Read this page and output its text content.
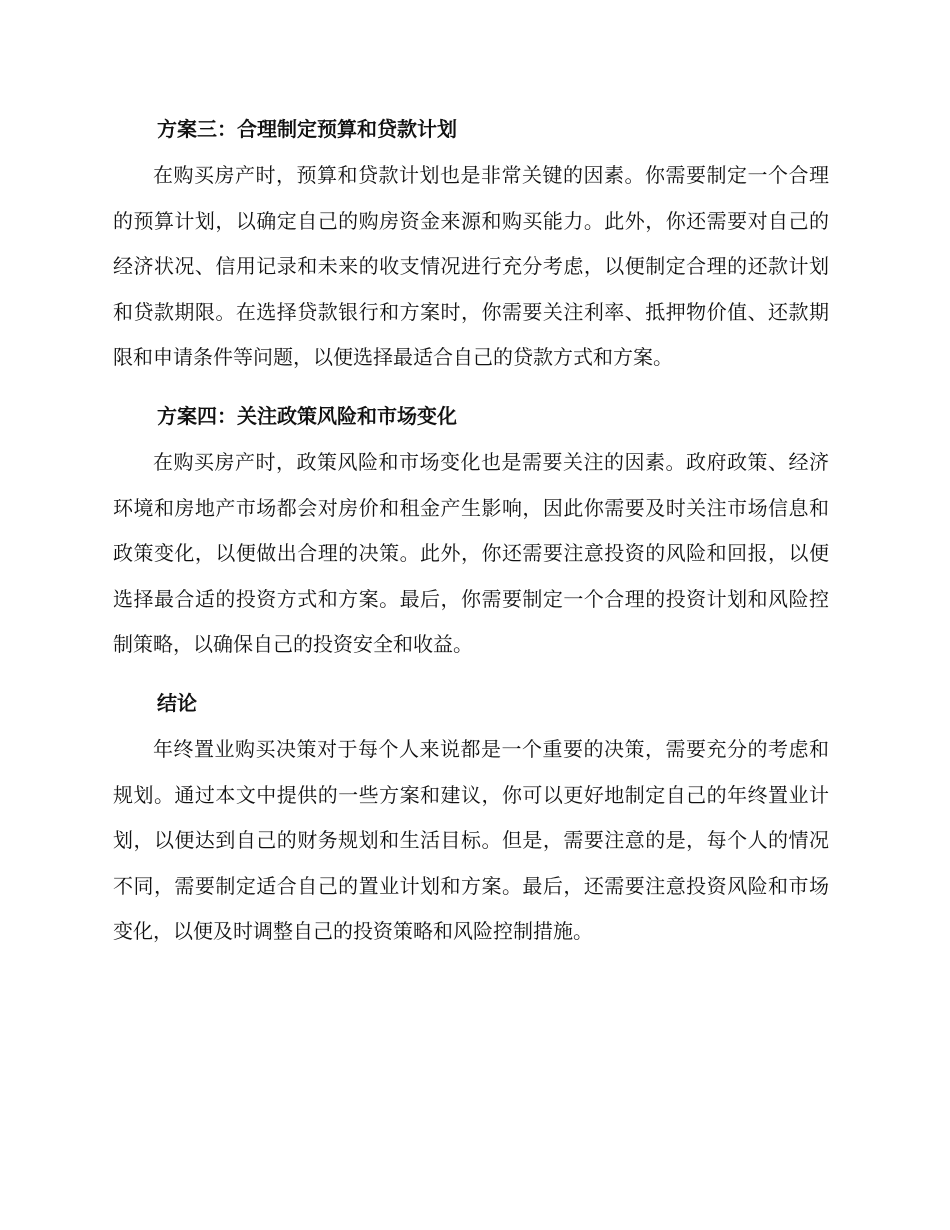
方案三：合理制定预算和贷款计划

在购买房产时，预算和贷款计划也是非常关键的因素。你需要制定一个合理的预算计划，以确定自己的购房资金来源和购买能力。此外，你还需要对自己的经济状况、信用记录和未来的收支情况进行充分考虑，以便制定合理的还款计划和贷款期限。在选择贷款银行和方案时，你需要关注利率、抵押物价值、还款期限和申请条件等问题，以便选择最适合自己的贷款方式和方案。

方案四：关注政策风险和市场变化

在购买房产时，政策风险和市场变化也是需要关注的因素。政府政策、经济环境和房地产市场都会对房价和租金产生影响，因此你需要及时关注市场信息和政策变化，以便做出合理的决策。此外，你还需要注意投资的风险和回报，以便选择最合适的投资方式和方案。最后，你需要制定一个合理的投资计划和风险控制策略，以确保自己的投资安全和收益。

结论

年终置业购买决策对于每个人来说都是一个重要的决策，需要充分的考虑和规划。通过本文中提供的一些方案和建议，你可以更好地制定自己的年终置业计划，以便达到自己的财务规划和生活目标。但是，需要注意的是，每个人的情况不同，需要制定适合自己的置业计划和方案。最后，还需要注意投资风险和市场变化，以便及时调整自己的投资策略和风险控制措施。
